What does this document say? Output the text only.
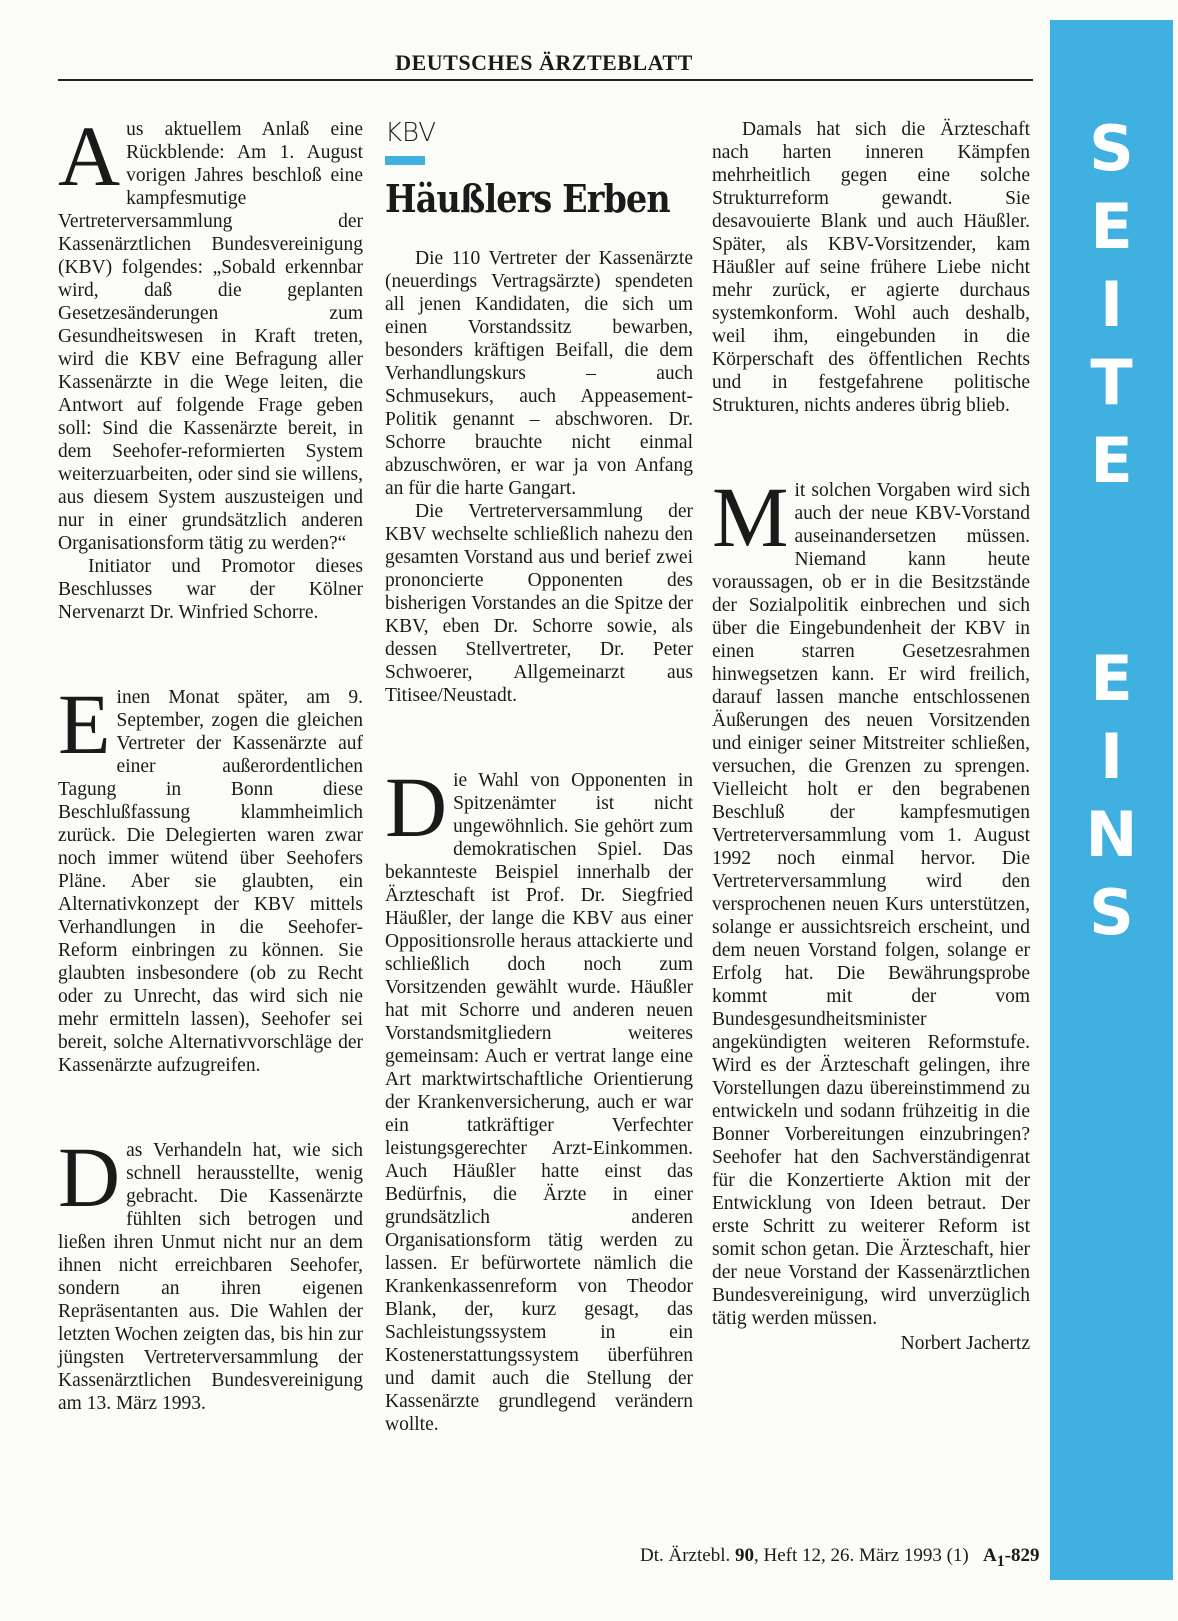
DEUTSCHES ÄRZTEBLATT
S
E
I
T
E
E
I
N
S

A us aktuellem Anlaß eine Rückblende: Am 1. August vorigen Jahres beschloß eine kampfesmutige Vertreterversammlung der Kassenärztlichen Bundesvereinigung (KBV) folgendes: „Sobald erkennbar wird, daß die geplanten Gesetzesänderungen zum Gesundheitswesen in Kraft treten, wird die KBV eine Befragung aller Kassenärzte in die Wege leiten, die Antwort auf folgende Frage geben soll: Sind die Kassenärzte bereit, in dem Seehofer-reformierten System weiterzuarbeiten, oder sind sie willens, aus diesem System auszusteigen und nur in einer grundsätzlich anderen Organisationsform tätig zu werden?“

Initiator und Promotor dieses Beschlusses war der Kölner Nervenarzt Dr. Winfried Schorre.

E inen Monat später, am 9. September, zogen die gleichen Vertreter der Kassenärzte auf einer außerordentlichen Tagung in Bonn diese Beschlußfassung klammheimlich zurück. Die Delegierten waren zwar noch immer wütend über Seehofers Pläne. Aber sie glaubten, ein Alternativkonzept der KBV mittels Verhandlungen in die Seehofer-Reform einbringen zu können. Sie glaubten insbesondere (ob zu Recht oder zu Unrecht, das wird sich nie mehr ermitteln lassen), Seehofer sei bereit, solche Alternativvorschläge der Kassenärzte aufzugreifen.

D as Verhandeln hat, wie sich schnell herausstellte, wenig gebracht. Die Kassenärzte fühlten sich betrogen und ließen ihren Unmut nicht nur an dem ihnen nicht erreichbaren Seehofer, sondern an ihren eigenen Repräsentanten aus. Die Wahlen der letzten Wochen zeigten das, bis hin zur jüngsten Vertreterversammlung der Kassenärztlichen Bundesvereinigung am 13. März 1993.

KBV
Häußlers Erben

Die 110 Vertreter der Kassenärzte (neuerdings Vertragsärzte) spendeten all jenen Kandidaten, die sich um einen Vorstandssitz bewarben, besonders kräftigen Beifall, die dem Verhandlungskurs – auch Schmusekurs, auch Appeasement-Politik genannt – abschworen. Dr. Schorre brauchte nicht einmal abzuschwören, er war ja von Anfang an für die harte Gangart.

Die Vertreterversammlung der KBV wechselte schließlich nahezu den gesamten Vorstand aus und berief zwei prononcierte Opponenten des bisherigen Vorstandes an die Spitze der KBV, eben Dr. Schorre sowie, als dessen Stellvertreter, Dr. Peter Schwoerer, Allgemeinarzt aus Titisee/Neustadt.

D ie Wahl von Opponenten in Spitzenämter ist nicht ungewöhnlich. Sie gehört zum demokratischen Spiel. Das bekannteste Beispiel innerhalb der Ärzteschaft ist Prof. Dr. Siegfried Häußler, der lange die KBV aus einer Oppositionsrolle heraus attackierte und schließlich doch noch zum Vorsitzenden gewählt wurde. Häußler hat mit Schorre und anderen neuen Vorstandsmitgliedern weiteres gemeinsam: Auch er vertrat lange eine Art marktwirtschaftliche Orientierung der Krankenversicherung, auch er war ein tatkräftiger Verfechter leistungsgerechter Arzt-Einkommen. Auch Häußler hatte einst das Bedürfnis, die Ärzte in einer grundsätzlich anderen Organisationsform tätig werden zu lassen. Er befürwortete nämlich die Krankenkassenreform von Theodor Blank, der, kurz gesagt, das Sachleistungssystem in ein Kostenerstattungssystem überführen und damit auch die Stellung der Kassenärzte grundlegend verändern wollte.

Damals hat sich die Ärzteschaft nach harten inneren Kämpfen mehrheitlich gegen eine solche Strukturreform gewandt. Sie desavouierte Blank und auch Häußler. Später, als KBV-Vorsitzender, kam Häußler auf seine frühere Liebe nicht mehr zurück, er agierte durchaus systemkonform. Wohl auch deshalb, weil ihm, eingebunden in die Körperschaft des öffentlichen Rechts und in festgefahrene politische Strukturen, nichts anderes übrig blieb.

M it solchen Vorgaben wird sich auch der neue KBV-Vorstand auseinandersetzen müssen. Niemand kann heute voraussagen, ob er in die Besitzstände der Sozialpolitik einbrechen und sich über die Eingebundenheit der KBV in einen starren Gesetzesrahmen hinwegsetzen kann. Er wird freilich, darauf lassen manche entschlossenen Äußerungen des neuen Vorsitzenden und einiger seiner Mitstreiter schließen, versuchen, die Grenzen zu sprengen. Vielleicht holt er den begrabenen Beschluß der kampfesmutigen Vertreterversammlung vom 1. August 1992 noch einmal hervor. Die Vertreterversammlung wird den versprochenen neuen Kurs unterstützen, solange er aussichtsreich erscheint, und dem neuen Vorstand folgen, solange er Erfolg hat. Die Bewährungsprobe kommt mit der vom Bundesgesundheitsminister angekündigten weiteren Reformstufe. Wird es der Ärzteschaft gelingen, ihre Vorstellungen dazu übereinstimmend zu entwickeln und sodann frühzeitig in die Bonner Vorbereitungen einzubringen? Seehofer hat den Sachverständigenrat für die Konzertierte Aktion mit der Entwicklung von Ideen betraut. Der erste Schritt zu weiterer Reform ist somit schon getan. Die Ärzteschaft, hier der neue Vorstand der Kassenärztlichen Bundesvereinigung, wird unverzüglich tätig werden müssen.

Norbert Jachertz
Dt. Ärztebl. 90, Heft 12, 26. März 1993 (1) $A_1-829$
